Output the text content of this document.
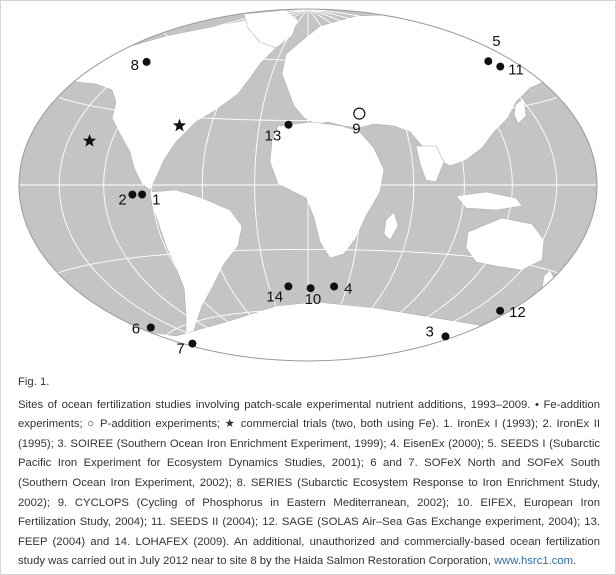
1
2
3
4
5
6
7
8
9
10
11
12
13
14
Fig. 1.
Sites of ocean fertilization studies involving patch-scale experimental nutrient additions, 1993–2009. • Fe-addition experiments; ○ P-addition experiments; ★ commercial trials (two, both using Fe). 1. IronEx I (1993); 2. IronEx II (1995); 3. SOIREE (Southern Ocean Iron Enrichment Experiment, 1999); 4. EisenEx (2000); 5. SEEDS I (Subarctic Pacific Iron Experiment for Ecosystem Dynamics Studies, 2001); 6 and 7. SOFeX North and SOFeX South (Southern Ocean Iron Experiment, 2002); 8. SERIES (Subarctic Ecosystem Response to Iron Enrichment Study, 2002); 9. CYCLOPS (Cycling of Phosphorus in Eastern Mediterranean, 2002); 10. EIFEX, European Iron Fertilization Study, 2004); 11. SEEDS II (2004); 12. SAGE (SOLAS Air–Sea Gas Exchange experiment, 2004); 13. FEEP (2004) and 14. LOHAFEX (2009). An additional, unauthorized and commercially-based ocean fertilization study was carried out in July 2012 near to site 8 by the Haida Salmon Restoration Corporation, www.hsrc1.com.
